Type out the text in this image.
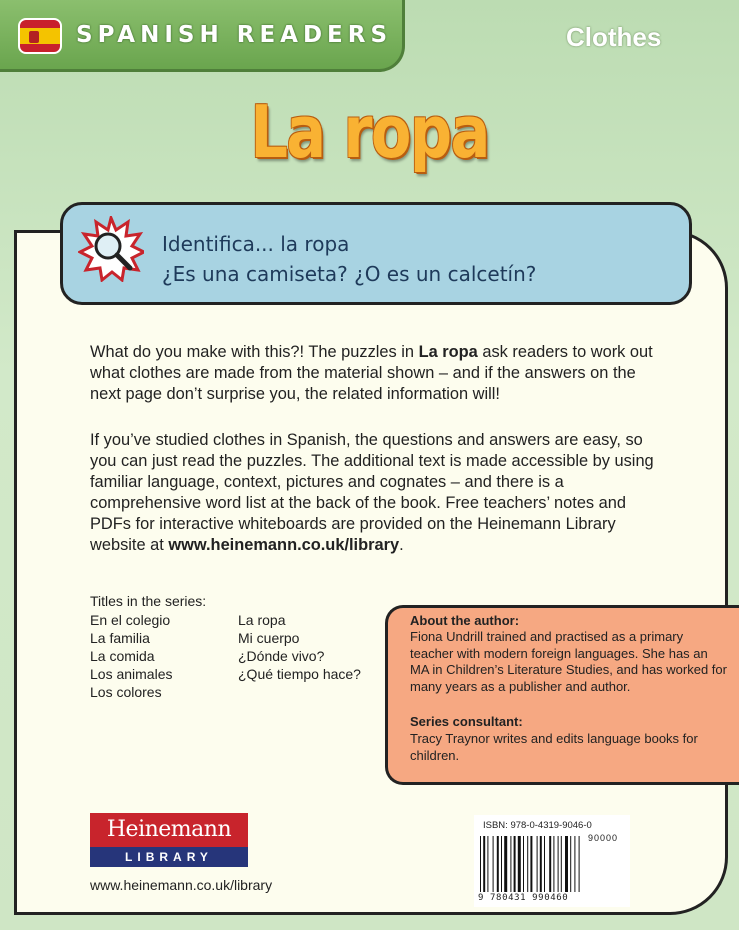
SPANISH READERS	Clothes
La ropa
Identifica... la ropa
¿Es una camiseta? ¿O es un calcetín?

What do you make with this?! The puzzles in La ropa ask readers to work out what clothes are made from the material shown – and if the answers on the next page don’t surprise you, the related information will!

If you’ve studied clothes in Spanish, the questions and answers are easy, so you can just read the puzzles. The additional text is made accessible by using familiar language, context, pictures and cognates – and there is a comprehensive word list at the back of the book. Free teachers’ notes and PDFs for interactive whiteboards are provided on the Heinemann Library website at www.heinemann.co.uk/library.

Titles in the series:
En el colegio
La familia
La comida
Los animales
Los colores
La ropa
Mi cuerpo
¿Dónde vivo?
¿Qué tiempo hace?
About the author:
Fiona Undrill trained and practised as a primary teacher with modern foreign languages. She has an MA in Children’s Literature Studies, and has worked for many years as a publisher and author.
Series consultant:
Tracy Traynor writes and edits language books for children.
Heinemann
LIBRARY
www.heinemann.co.uk/library
ISBN: 978-0-4319-9046-0
90000
9 780431 990460
